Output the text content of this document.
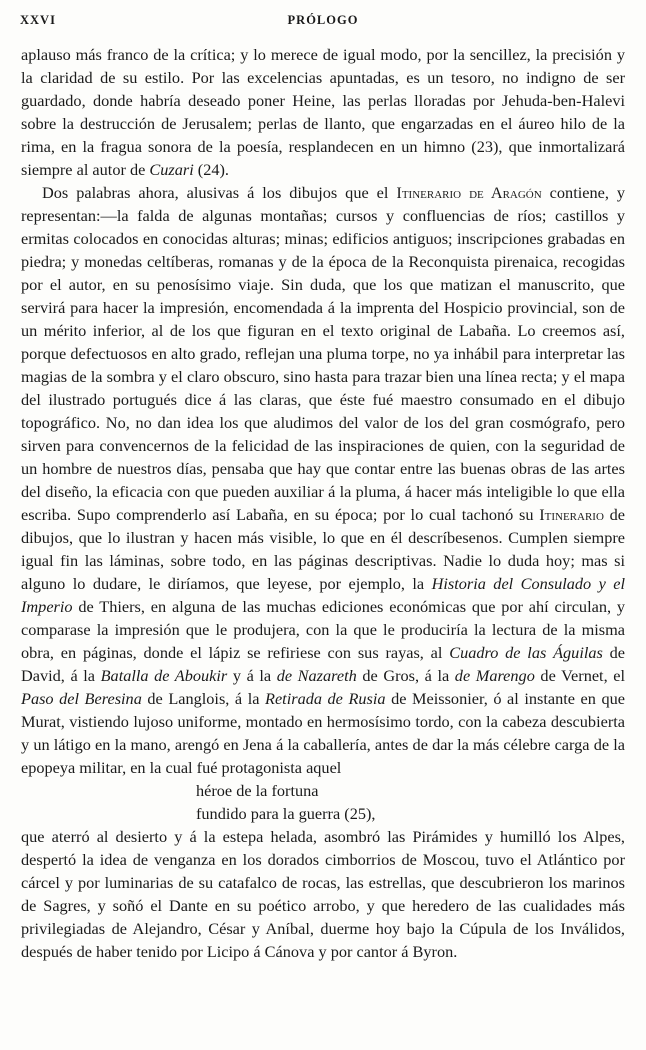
XXVI	PRÓLOGO

aplauso más franco de la crítica; y lo merece de igual modo, por la sencillez, la precisión y la claridad de su estilo. Por las excelencias apuntadas, es un tesoro, no indigno de ser guardado, donde habría deseado poner Heine, las perlas lloradas por Jehuda-ben-Halevi sobre la destrucción de Jerusalem; perlas de llanto, que engarzadas en el áureo hilo de la rima, en la fragua sonora de la poesía, resplandecen en un himno (23), que inmortalizará siempre al autor de Cuzari (24).

Dos palabras ahora, alusivas á los dibujos que el Itinerario de Aragón contiene, y representan:—la falda de algunas montañas; cursos y confluencias de ríos; castillos y ermitas colocados en conocidas alturas; minas; edificios antiguos; inscripciones grabadas en piedra; y monedas celtíberas, romanas y de la época de la Reconquista pirenaica, recogidas por el autor, en su penosísimo viaje. Sin duda, que los que matizan el manuscrito, que servirá para hacer la impresión, encomendada á la imprenta del Hospicio provincial, son de un mérito inferior, al de los que figuran en el texto original de Labaña. Lo creemos así, porque defectuosos en alto grado, reflejan una pluma torpe, no ya inhábil para interpretar las magias de la sombra y el claro obscuro, sino hasta para trazar bien una línea recta; y el mapa del ilustrado portugués dice á las claras, que éste fué maestro consumado en el dibujo topográfico. No, no dan idea los que aludimos del valor de los del gran cosmógrafo, pero sirven para convencernos de la felicidad de las inspiraciones de quien, con la seguridad de un hombre de nuestros días, pensaba que hay que contar entre las buenas obras de las artes del diseño, la eficacia con que pueden auxiliar á la pluma, á hacer más inteligible lo que ella escriba. Supo comprenderlo así Labaña, en su época; por lo cual tachonó su Itinerario de dibujos, que lo ilustran y hacen más visible, lo que en él descríbesenos. Cumplen siempre igual fin las láminas, sobre todo, en las páginas descriptivas. Nadie lo duda hoy; mas si alguno lo dudare, le diríamos, que leyese, por ejemplo, la Historia del Consulado y el Imperio de Thiers, en alguna de las muchas ediciones económicas que por ahí circulan, y comparase la impresión que le produjera, con la que le produciría la lectura de la misma obra, en páginas, donde el lápiz se refiriese con sus rayas, al Cuadro de las Águilas de David, á la Batalla de Aboukir y á la de Nazareth de Gros, á la de Marengo de Vernet, el Paso del Beresina de Langlois, á la Retirada de Rusia de Meissonier, ó al instante en que Murat, vistiendo lujoso uniforme, montado en hermosísimo tordo, con la cabeza descubierta y un látigo en la mano, arengó en Jena á la caballería, antes de dar la más célebre carga de la epopeya militar, en la cual fué protagonista aquel

héroe de la fortuna
fundido para la guerra (25),

que aterró al desierto y á la estepa helada, asombró las Pirámides y humilló los Alpes, despertó la idea de venganza en los dorados cimborrios de Moscou, tuvo el Atlántico por cárcel y por luminarias de su catafalco de rocas, las estrellas, que descubrieron los marinos de Sagres, y soñó el Dante en su poético arrobo, y que heredero de las cualidades más privilegiadas de Alejandro, César y Aníbal, duerme hoy bajo la Cúpula de los Inválidos, después de haber tenido por Licipo á Cánova y por cantor á Byron.
